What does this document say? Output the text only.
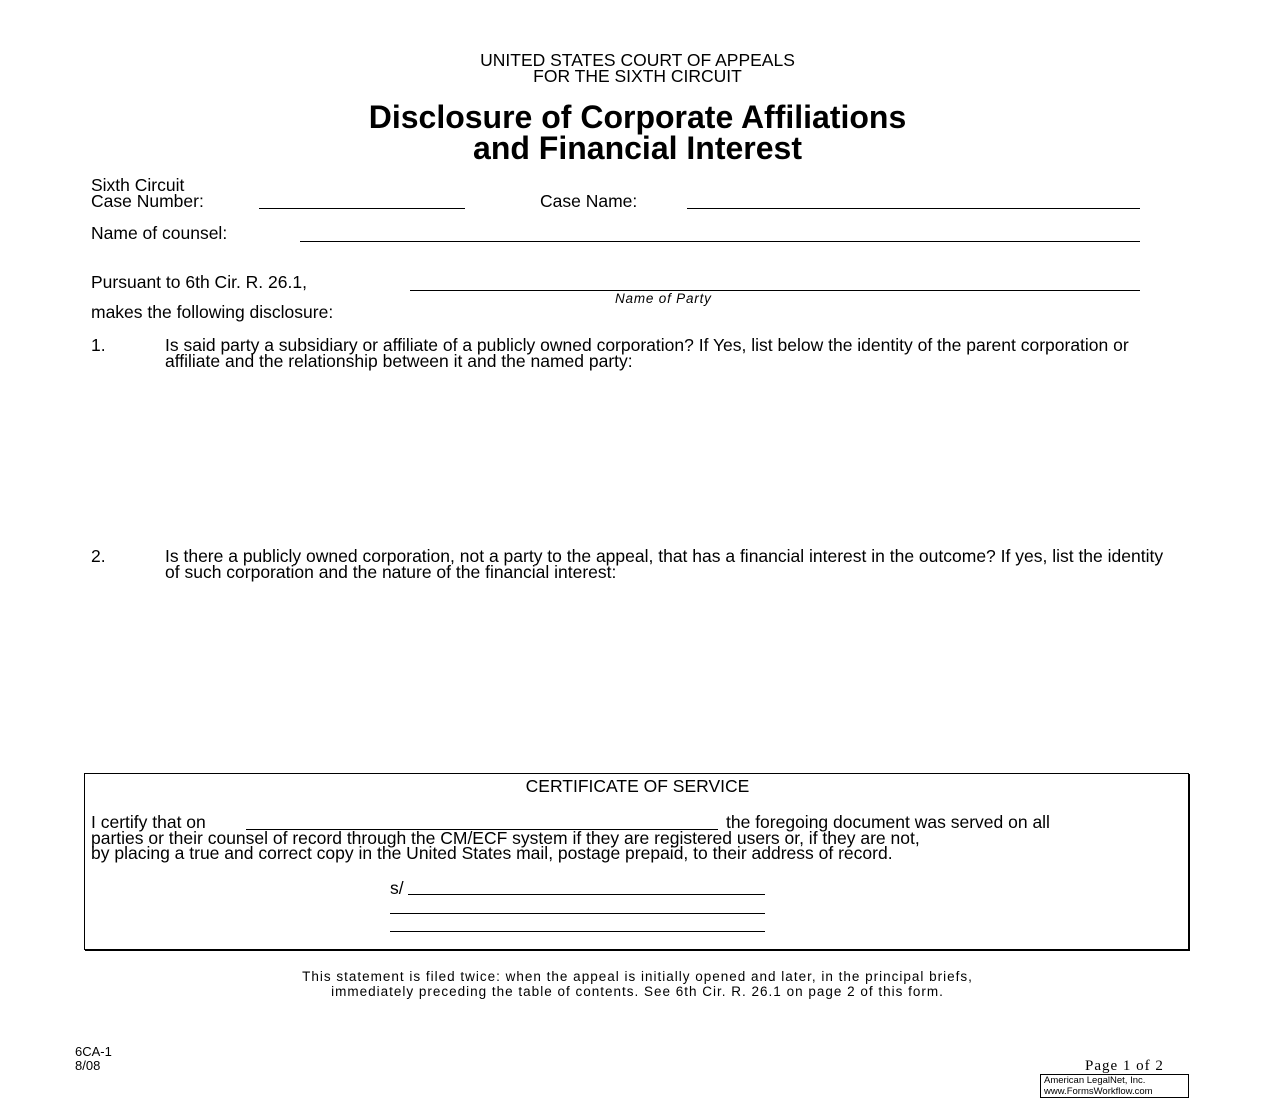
UNITED STATES COURT OF APPEALS
FOR THE SIXTH CIRCUIT
Disclosure of Corporate Affiliations
and Financial Interest
Sixth Circuit
Case Number:	Case Name:
Name of counsel:
Pursuant to 6th Cir. R. 26.1,
Name of Party
makes the following disclosure:
1.	Is said party a subsidiary or affiliate of a publicly owned corporation? If Yes, list below the identity of the parent corporation or affiliate and the relationship between it and the named party:
2.	Is there a publicly owned corporation, not a party to the appeal, that has a financial interest in the outcome? If yes, list the identity of such corporation and the nature of the financial interest:
CERTIFICATE OF SERVICE
I certify that on	the foregoing document was served on all
parties or their counsel of record through the CM/ECF system if they are registered users or, if they are not,
by placing a true and correct copy in the United States mail, postage prepaid, to their address of record.
s/
This statement is filed twice: when the appeal is initially opened and later, in the principal briefs,
immediately preceding the table of contents. See 6th Cir. R. 26.1 on page 2 of this form.
6CA-1
8/08	Page 1 of 2
American LegalNet, Inc.
www.FormsWorkflow.com
